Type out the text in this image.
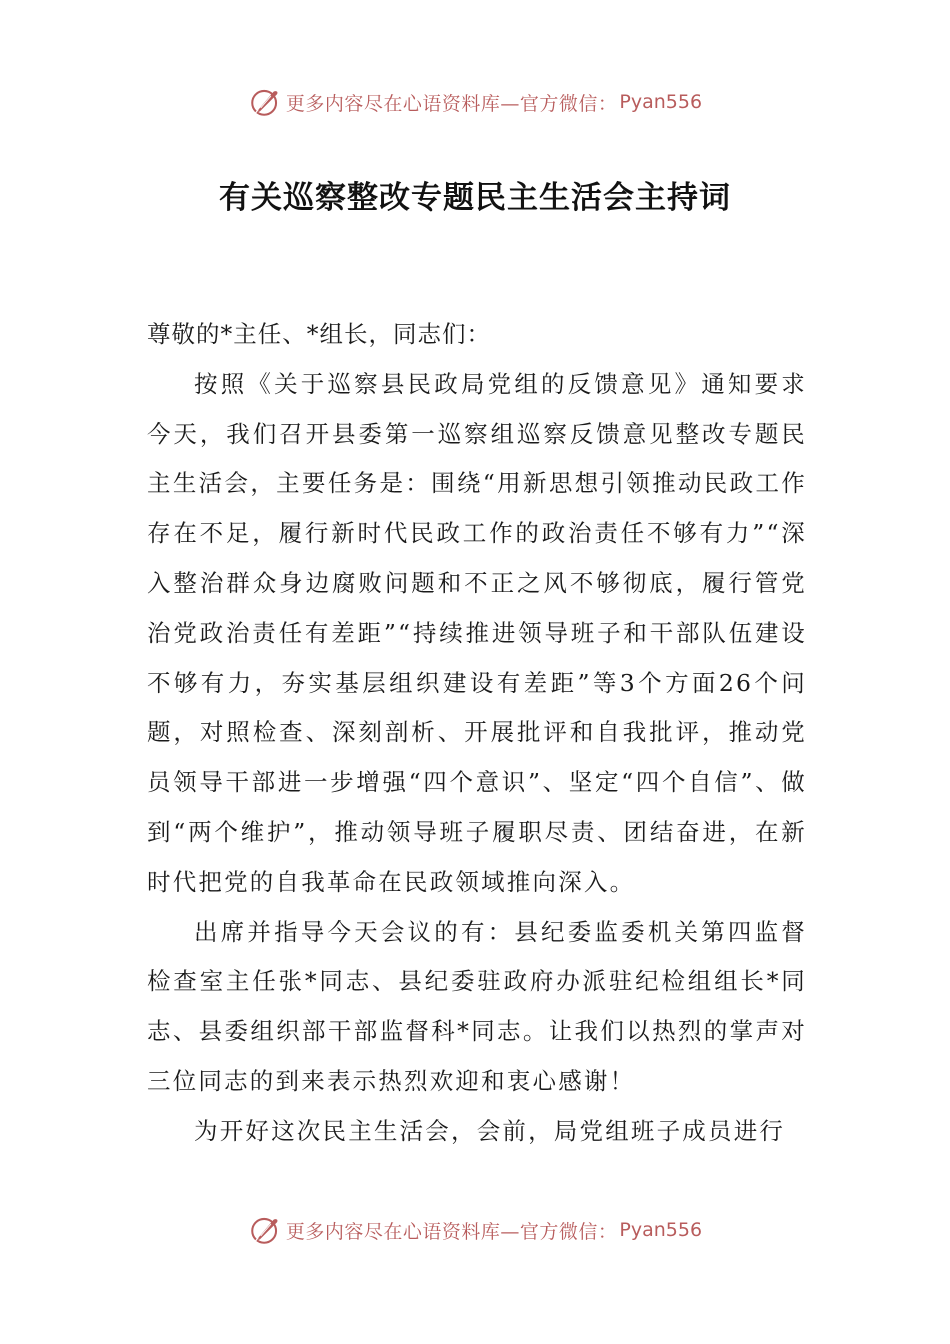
更多内容尽在心语资料库—官方微信： Pyan556
有关巡察整改专题民主生活会主持词

尊敬的*主任、*组长，同志们：

按照《关于巡察县民政局党组的反馈意见》通知要求今天，我们召开县委第一巡察组巡察反馈意见整改专题民主生活会，主要任务是：围绕“用新思想引领推动民政工作存在不足，履行新时代民政工作的政治责任不够有力”“深入整治群众身边腐败问题和不正之风不够彻底，履行管党治党政治责任有差距”“持续推进领导班子和干部队伍建设不够有力，夯实基层组织建设有差距”等3个方面26个问题，对照检查、深刻剖析、开展批评和自我批评，推动党员领导干部进一步增强“四个意识”、坚定“四个自信”、做到“两个维护”，推动领导班子履职尽责、团结奋进，在新时代把党的自我革命在民政领域推向深入。

出席并指导今天会议的有：县纪委监委机关第四监督检查室主任张*同志、县纪委驻政府办派驻纪检组组长*同志、县委组织部干部监督科*同志。让我们以热烈的掌声对三位同志的到来表示热烈欢迎和衷心感谢！

为开好这次民主生活会，会前，局党组班子成员进行

更多内容尽在心语资料库—官方微信： Pyan556
